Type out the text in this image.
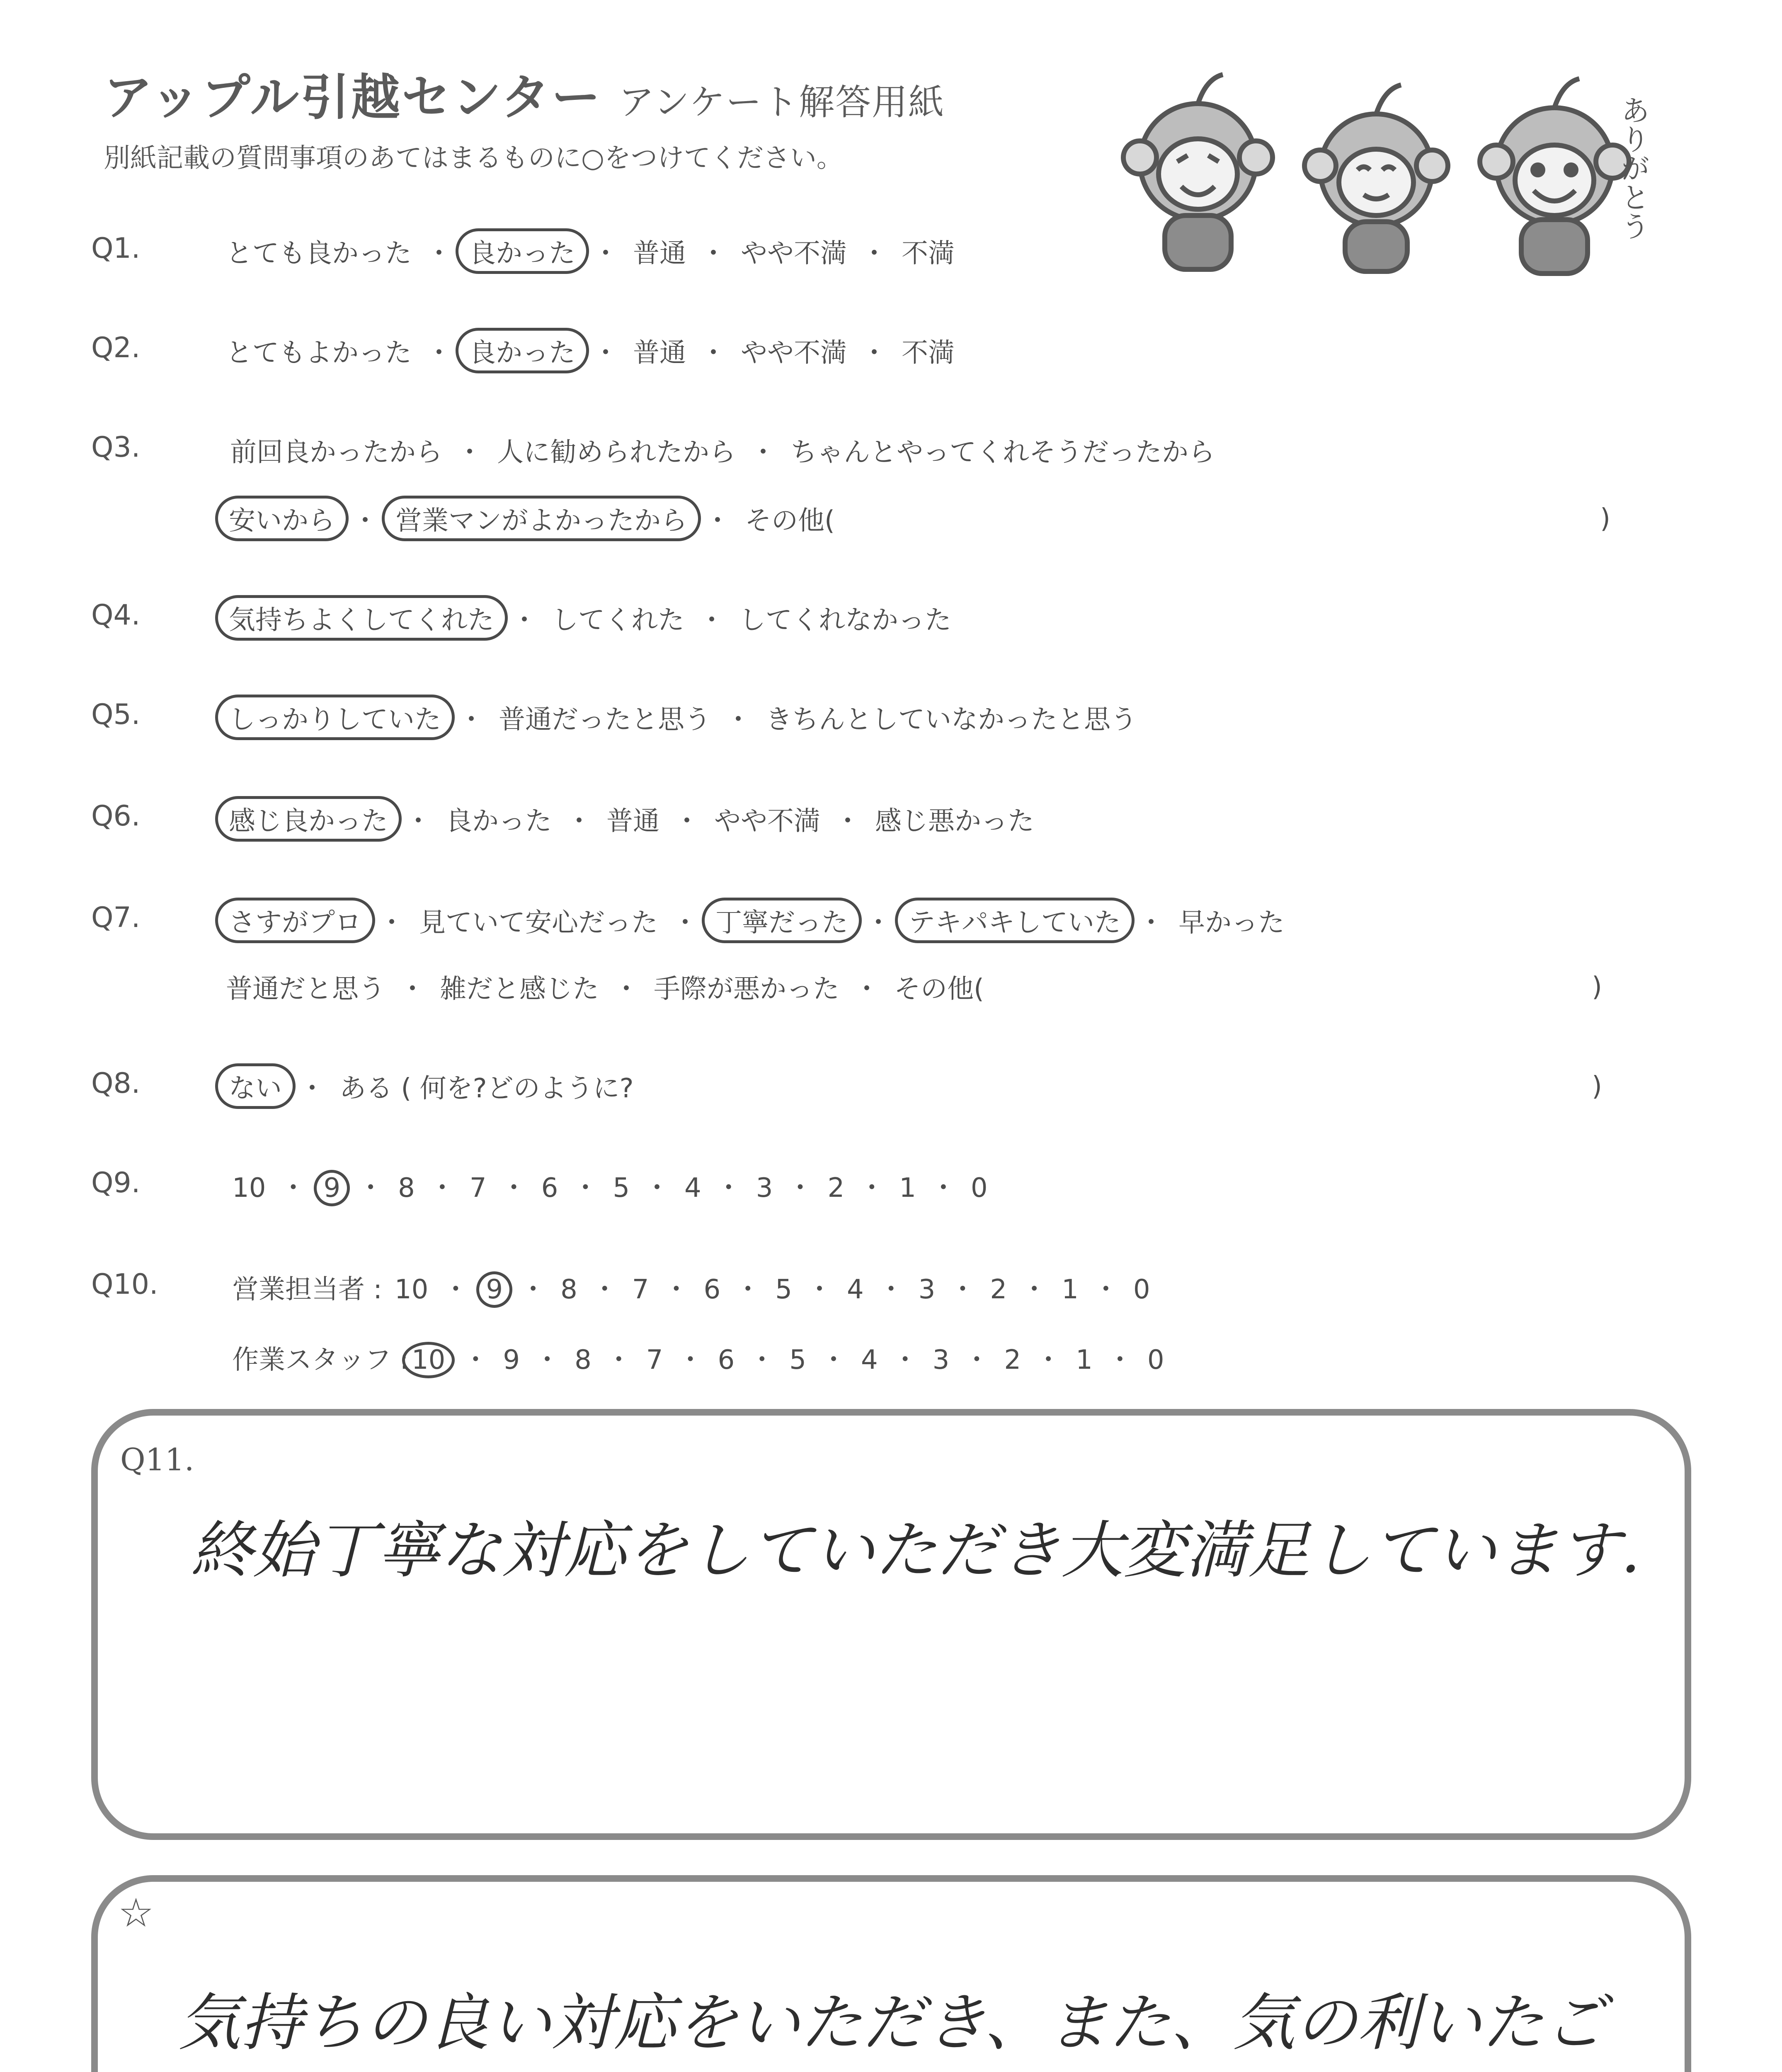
アップル引越センター アンケート解答用紙
別紙記載の質問事項のあてはまるものに○をつけてください。	ありがとう
Q1.	とても良かった ・ 良かった ・ 普通 ・ やや不満 ・ 不満
Q2.	とてもよかった ・ 良かった ・ 普通 ・ やや不満 ・ 不満
Q3.	前回良かったから ・ 人に勧められたから ・ ちゃんとやってくれそうだったから
安いから ・ 営業マンがよかったから ・ その他(	)
Q4.	気持ちよくしてくれた ・ してくれた ・ してくれなかった
Q5.	しっかりしていた ・ 普通だったと思う ・ きちんとしていなかったと思う
Q6.	感じ良かった ・ 良かった ・ 普通 ・ やや不満 ・ 感じ悪かった
Q7.	さすがプロ ・ 見ていて安心だった ・ 丁寧だった ・ テキパキしていた ・ 早かった
普通だと思う ・ 雑だと感じた ・ 手際が悪かった ・ その他(	)
Q8.	ない ・ ある ( 何を?どのように?	)
Q9.	10 ・ 9 ・ 8 ・ 7 ・ 6 ・ 5 ・ 4 ・ 3 ・ 2 ・ 1 ・ 0
Q10.	営業担当者 : 10 ・ 9 ・ 8 ・ 7 ・ 6 ・ 5 ・ 4 ・ 3 ・ 2 ・ 1 ・ 0
作業スタッフ : 10 ・ 9 ・ 8 ・ 7 ・ 6 ・ 5 ・ 4 ・ 3 ・ 2 ・ 1 ・ 0
Q11.
終始丁寧な対応をしていただき大変満足しています.
☆
気持ちの良い対応をいただき、また、気の利いたご
